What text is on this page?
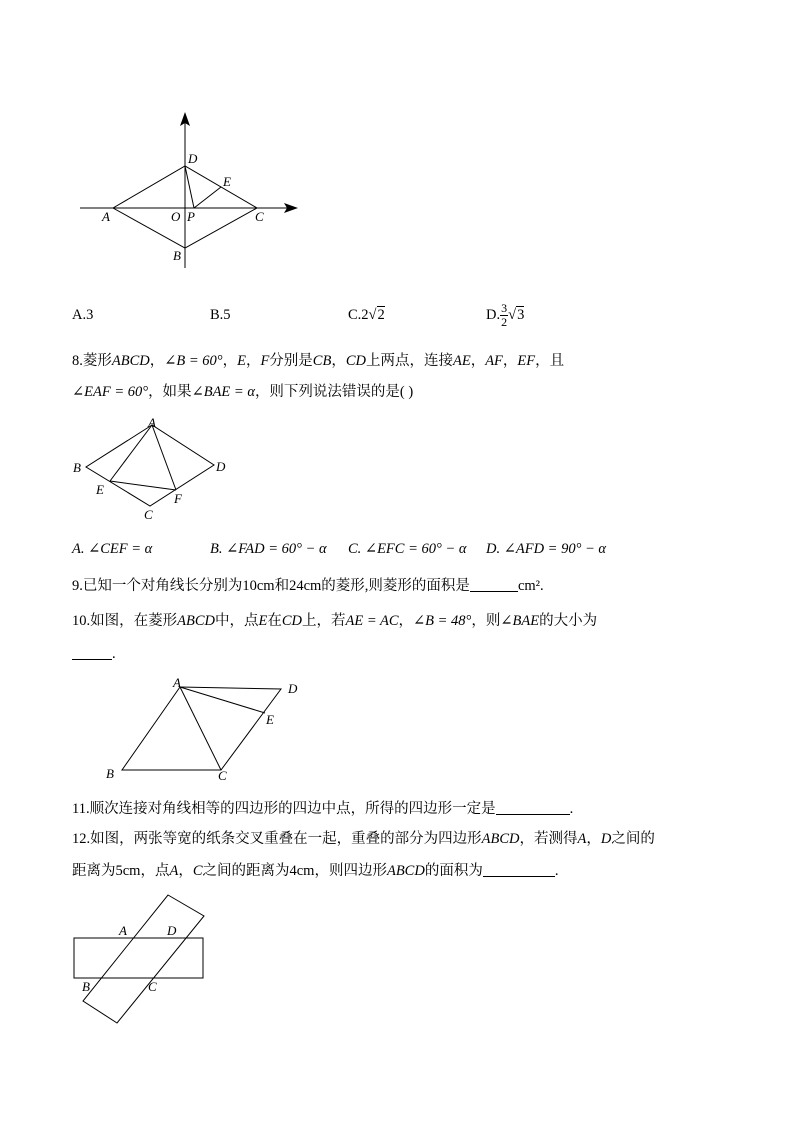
D
E
A	O P	C
B
A.3	B.5	C.2√2	D. $\frac{3}{2} √3$
8.菱形ABCD，∠B = 60°，E，F分别是CB，CD上两点，连接AE，AF，EF，且
∠EAF = 60°，如果∠BAE = α，则下列说法错误的是( )
A
B	D
E
F
C
A. ∠CEF = α	B. ∠FAD = 60° − α C. ∠EFC = 60° − α D. ∠AFD = 90° − α
9.已知一个对角线长分别为10cm和24cm的菱形,则菱形的面积是	cm².
10.如图，在菱形ABCD中，点E在CD上，若AE = AC，∠B = 48°，则∠BAE的大小为
.
A	D
E
B	C
11.顺次连接对角线相等的四边形的四边中点，所得的四边形一定是	.
12.如图，两张等宽的纸条交叉重叠在一起，重叠的部分为四边形ABCD，若测得A，D之间的
距离为5cm，点A，C之间的距离为4cm，则四边形ABCD的面积为	.
A	D
B	C
